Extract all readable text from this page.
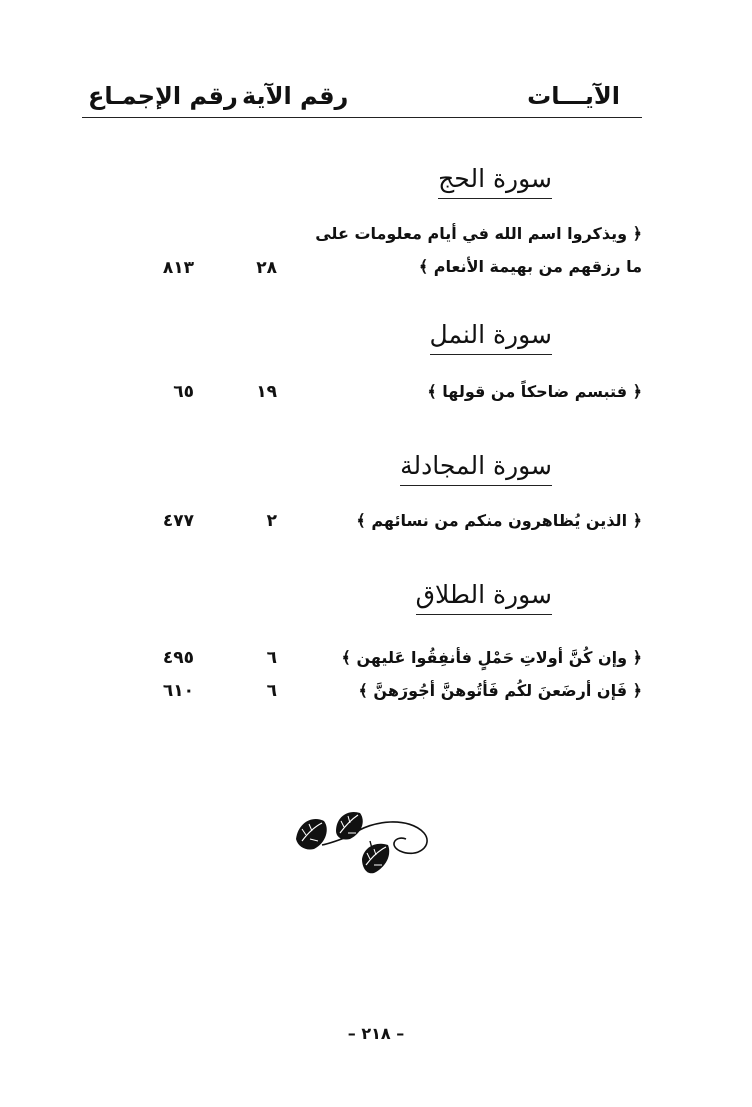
الآيـــات
رقم الآية
رقم الإجمـاع
سورة الحج
﴿ ويذكروا اسم الله في أيام معلومات على
ما رزقهم من بهيمة الأنعام ﴾
٢٨
٨١٣
سورة النمل
﴿ فتبسم ضاحكاً من قولها ﴾
١٩
٦٥
سورة المجادلة
﴿ الذين يُظاهرون منكم من نسائهم ﴾
٢
٤٧٧
سورة الطلاق
﴿ وإن كُنَّ أولاتِ حَمْلٍ فأنفِقُوا عَليهن ﴾
٦
٤٩٥
﴿ فَإن أرضَعنَ لكُم فَأتُوهنَّ أجُورَهنَّ ﴾
٦
٦١٠
– ٢١٨ –
